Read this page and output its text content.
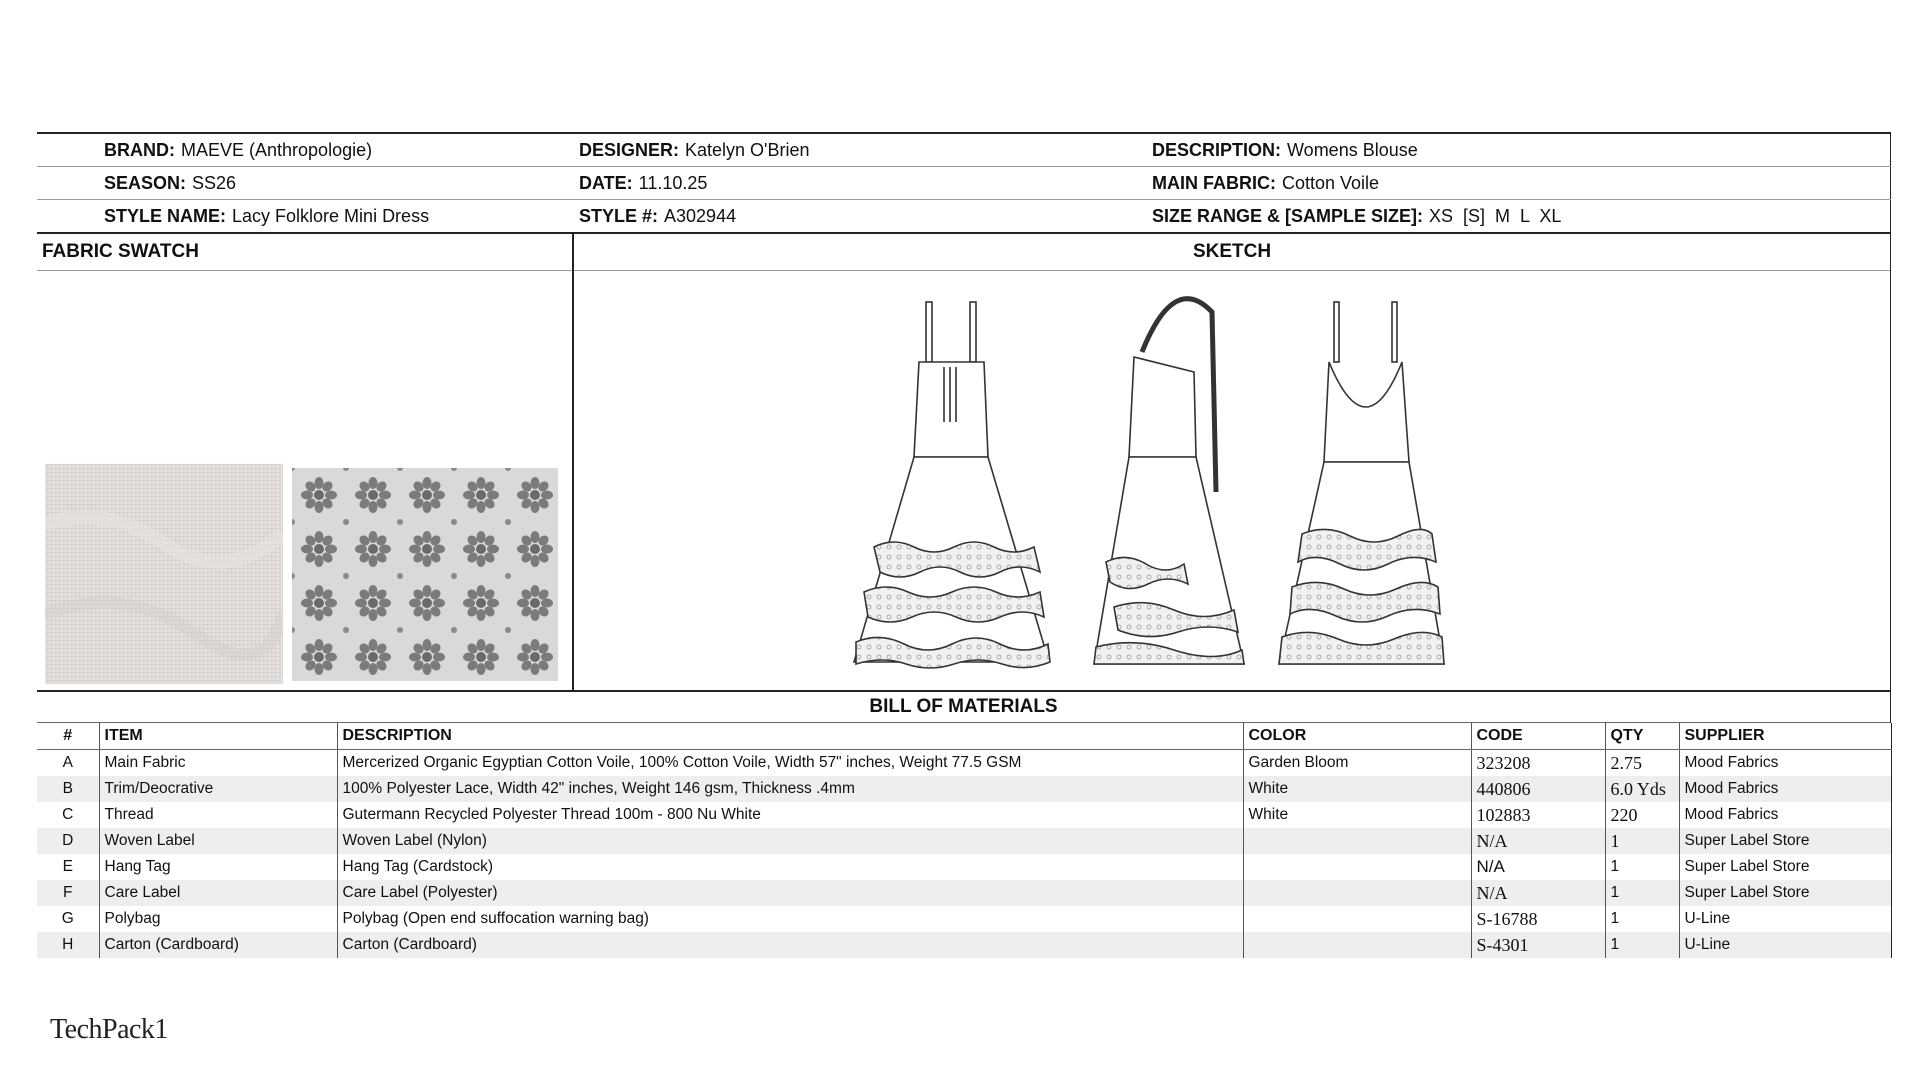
BRAND: MAEVE (Anthropologie)	DESIGNER: Katelyn O'Brien	DESCRIPTION: Womens Blouse
SEASON: SS26	DATE: 11.10.25	MAIN FABRIC: Cotton Voile
STYLE NAME: Lacy Folklore Mini Dress	STYLE #: A302944	SIZE RANGE & [SAMPLE SIZE]: XS  [S]  M  L  XL
FABRIC SWATCH	SKETCH
BILL OF MATERIALS
#	ITEM	DESCRIPTION	COLOR	CODE	QTY	SUPPLIER
A	Main Fabric	Mercerized Organic Egyptian Cotton Voile, 100% Cotton Voile, Width 57" inches, Weight 77.5 GSM	Garden Bloom	323208	2.75	Mood Fabrics
B	Trim/Deocrative	100% Polyester Lace, Width 42" inches, Weight 146 gsm, Thickness .4mm	White	440806	6.0 Yds	Mood Fabrics
C	Thread	Gutermann Recycled Polyester Thread 100m - 800 Nu White	White	102883	220	Mood Fabrics
D	Woven Label	Woven Label (Nylon)		N/A	1	Super Label Store
E	Hang Tag	Hang Tag (Cardstock)		N/A	1	Super Label Store
F	Care Label	Care Label (Polyester)		N/A	1	Super Label Store
G	Polybag	Polybag (Open end suffocation warning bag)		S-16788	1	U-Line
H	Carton (Cardboard)	Carton (Cardboard)		S-4301	1	U-Line
TechPack1
